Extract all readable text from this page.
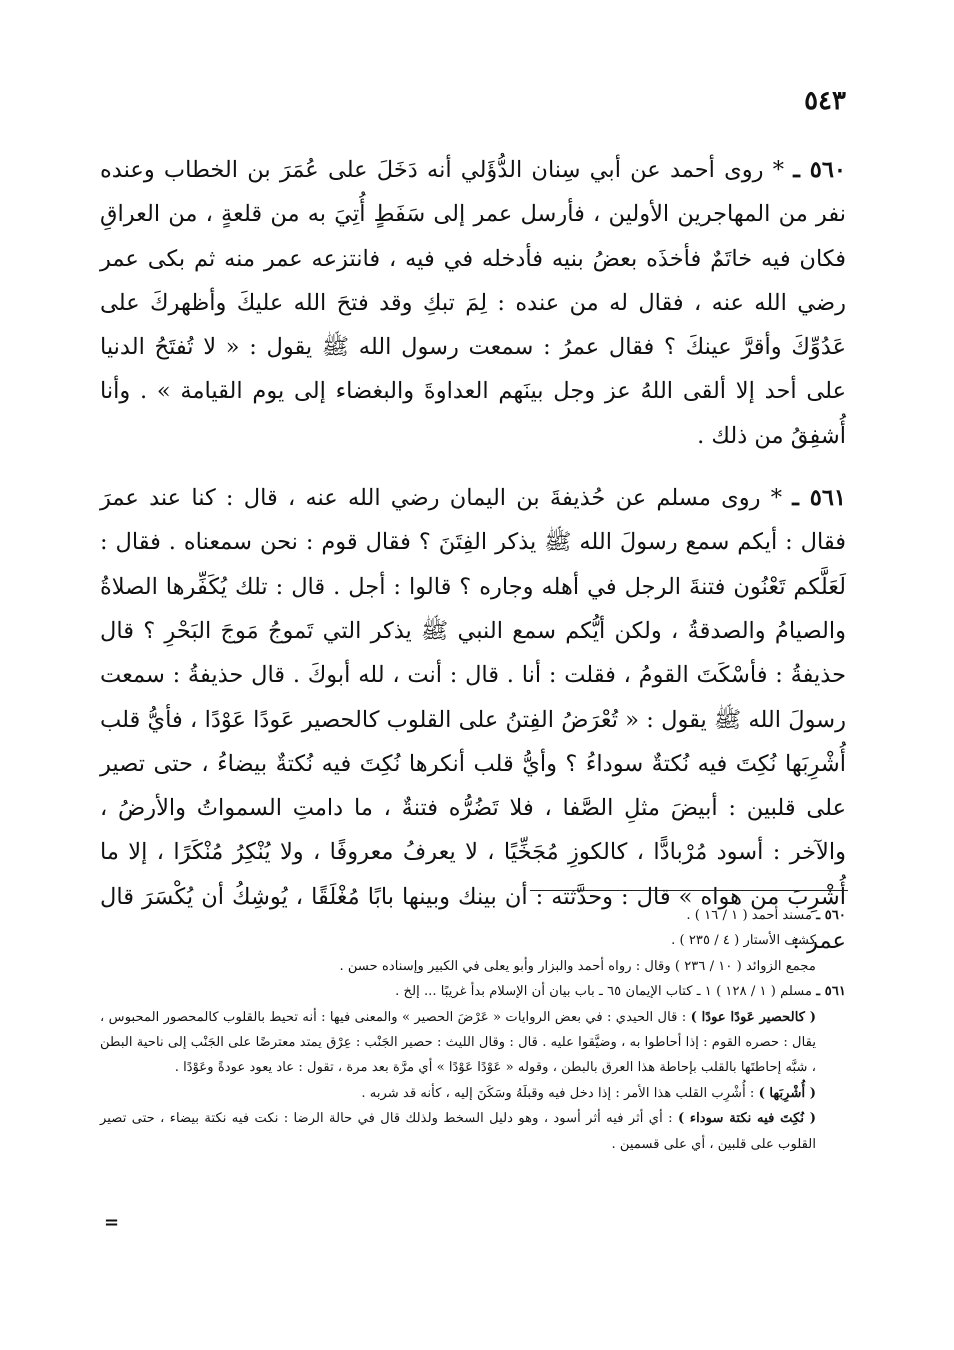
٥٤٣

٥٦٠ ـ * روى أحمد عن أبي سِنان الدُّؤَلي أنه دَخَلَ على عُمَرَ بن الخطاب وعنده نفر من المهاجرين الأولين ، فأرسل عمر إلى سَفَطٍ أُتِيَ به من قلعةٍ ، من العراقِ فكان فيه خاتَمٌ فأخذَه بعضُ بنيه فأدخله في فيه ، فانتزعه عمر منه ثم بكى عمر رضي الله عنه ، فقال له من عنده : لِمَ تبكِ وقد فتحَ الله عليكَ وأظهركَ على عَدُوِّكَ وأقرَّ عينكَ ؟ فقال عمرُ : سمعت رسول الله ﷺ يقول : « لا تُفتَحُ الدنيا على أحد إلا ألقى اللهُ عز وجل بينَهم العداوةَ والبغضاء إلى يوم القيامة » . وأنا أُشفِقُ من ذلك .

٥٦١ ـ * روى مسلم عن حُذيفةَ بن اليمان رضي الله عنه ، قال : كنا عند عمرَ فقال : أيكم سمع رسولَ الله ﷺ يذكر الفِتَنَ ؟ فقال قوم : نحن سمعناه . فقال : لَعَلَّكم تَعْنُون فتنةَ الرجل في أهله وجاره ؟ قالوا : أجل . قال : تلك يُكَفِّرها الصلاةُ والصيامُ والصدقةُ ، ولكن أيُّكم سمع النبي ﷺ يذكر التي تَموجُ مَوجَ البَحْرِ ؟ قال حذيفةُ : فأسْكَتَ القومُ ، فقلت : أنا . قال : أنت ، لله أبوكَ . قال حذيفةُ : سمعت رسولَ الله ﷺ يقول : « تُعْرَضُ الفِتنُ على القلوب كالحصير عَودًا عَوْدًا ، فأيُّ قلب أُشْرِبَها نُكِتَ فيه نُكتةٌ سوداءُ ؟ وأيُّ قلب أنكرها نُكِتَ فيه نُكتةٌ بيضاءُ ، حتى تصير على قلبين : أبيضَ مثلِ الصَّفا ، فلا تَضُرُّه فتنةٌ ، ما دامتِ السمواتُ والأرضُ ، والآخر : أسود مُرْبادًّا ، كالكوزِ مُجَخِّيًا ، لا يعرفُ معروفًا ، ولا يُنْكِرُ مُنْكَرًا ، إلا ما أُشْرِبَ من هواه » قال : وحدَّثته : أن بينك وبينها بابًا مُغْلَقًا ، يُوشِكُ أن يُكْسَرَ قال عمر :

٥٦٠ ـ مسند أحمد ( ١ / ١٦ ) .

كشف الأستار ( ٤ / ٢٣٥ ) .

مجمع الزوائد ( ١٠ / ٢٣٦ ) وقال : رواه أحمد والبزار وأبو يعلى في الكبير وإسناده حسن .

٥٦١ ـ مسلم ( ١ / ١٢٨ ) ١ ـ كتاب الإيمان ٦٥ ـ باب بيان أن الإسلام بدأ غريبًا ... إلخ .

( كالحصير عَودًا عودًا ) : قال الحيدي : في بعض الروايات « عَرْضَ الحصير » والمعنى فيها : أنه تحيط بالقلوب كالمحصور المحبوس ، يقال : حصره القوم : إذا أحاطوا به ، وضيَّقوا عليه . قال : وقال الليث : حصير الجَنْب : عِرْق يمتد معترضًا على الجَنْب إلى ناحية البطن ، شبَّه إحاطتَها بالقلب بإحاطة هذا العرق بالبطن ، وقوله « عَوْدًا عَوْدًا » أي مرَّة بعد مرة ، تقول : عاد يعود عودةً وعَوْدًا .

( أُشْرِبَها ) : أُشْرِب القلب هذا الأمر : إذا دخل فيه وقبلَهُ وسَكَنَ إليه ، كأنه قد شربه .

( نُكِتَ فيه نكتة سوداء ) : أي أثر فيه أثر أسود ، وهو دليل السخط ولذلك قال في حالة الرضا : نكت فيه نكتة بيضاء ، حتى تصير القلوب على قلبين ، أي على قسمين .

=
